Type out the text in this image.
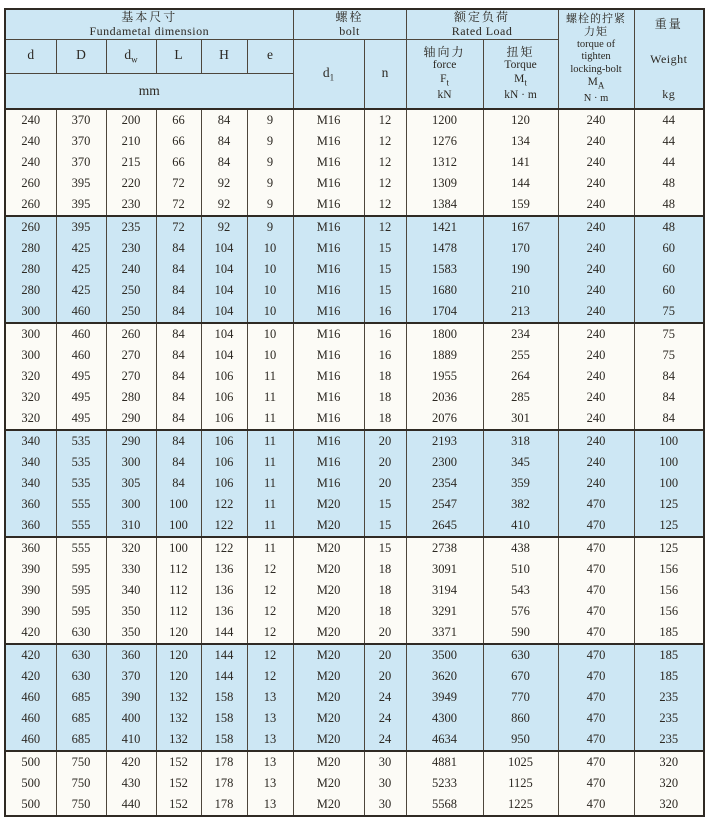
基本尺寸
Fundametal dimension

螺栓
bolt

额定负荷
Rated Load

螺栓的拧紧
力矩
torque of
tighten
locking-bolt
$M_A$
N · m

重量
Weight
kg

d	D	$d_w$	L	H	e	$d_1$	n	
轴向力
force
$F_t$
kN

扭矩
Torque
$M_t$
kN · m

mm											
240	370	200	66	84	9	M16	12	1200	120	240	44
240	370	210	66	84	9	M16	12	1276	134	240	44
240	370	215	66	84	9	M16	12	1312	141	240	44
260	395	220	72	92	9	M16	12	1309	144	240	48
260	395	230	72	92	9	M16	12	1384	159	240	48
260	395	235	72	92	9	M16	12	1421	167	240	48
280	425	230	84	104	10	M16	15	1478	170	240	60
280	425	240	84	104	10	M16	15	1583	190	240	60
280	425	250	84	104	10	M16	15	1680	210	240	60
300	460	250	84	104	10	M16	16	1704	213	240	75
300	460	260	84	104	10	M16	16	1800	234	240	75
300	460	270	84	104	10	M16	16	1889	255	240	75
320	495	270	84	106	11	M16	18	1955	264	240	84
320	495	280	84	106	11	M16	18	2036	285	240	84
320	495	290	84	106	11	M16	18	2076	301	240	84
340	535	290	84	106	11	M16	20	2193	318	240	100
340	535	300	84	106	11	M16	20	2300	345	240	100
340	535	305	84	106	11	M16	20	2354	359	240	100
360	555	300	100	122	11	M20	15	2547	382	470	125
360	555	310	100	122	11	M20	15	2645	410	470	125
360	555	320	100	122	11	M20	15	2738	438	470	125
390	595	330	112	136	12	M20	18	3091	510	470	156
390	595	340	112	136	12	M20	18	3194	543	470	156
390	595	350	112	136	12	M20	18	3291	576	470	156
420	630	350	120	144	12	M20	20	3371	590	470	185
420	630	360	120	144	12	M20	20	3500	630	470	185
420	630	370	120	144	12	M20	20	3620	670	470	185
460	685	390	132	158	13	M20	24	3949	770	470	235
460	685	400	132	158	13	M20	24	4300	860	470	235
460	685	410	132	158	13	M20	24	4634	950	470	235
500	750	420	152	178	13	M20	30	4881	1025	470	320
500	750	430	152	178	13	M20	30	5233	1125	470	320
500	750	440	152	178	13	M20	30	5568	1225	470	320
